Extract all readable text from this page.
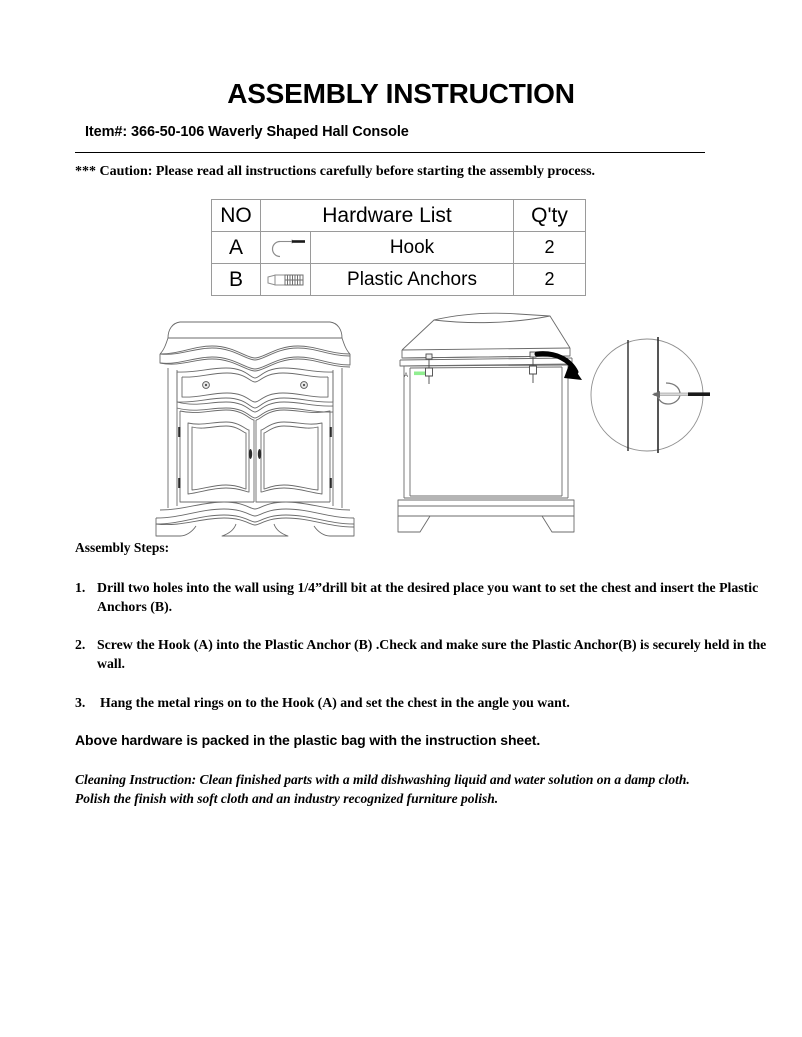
ASSEMBLY INSTRUCTION
Item#: 366-50-106 Waverly Shaped Hall Console
*** Caution: Please read all instructions carefully before starting the assembly process.
NO	Hardware List		Q'ty
A		Hook	2
B		Plastic Anchors	2
A
Assembly Steps:
1. Drill two holes into the wall using 1/4”drill bit at the desired place you want to set the chest and insert the Plastic Anchors (B).
2. Screw the Hook (A) into the Plastic Anchor (B) .Check and make sure the Plastic Anchor(B) is securely held in the wall.
3. Hang the metal rings on to the Hook (A) and set the chest in the angle you want.
Above hardware is packed in the plastic bag with the instruction sheet.
Cleaning Instruction: Clean finished parts with a mild dishwashing liquid and water solution on a damp cloth.Polish the finish with soft cloth and an industry recognized furniture polish.
